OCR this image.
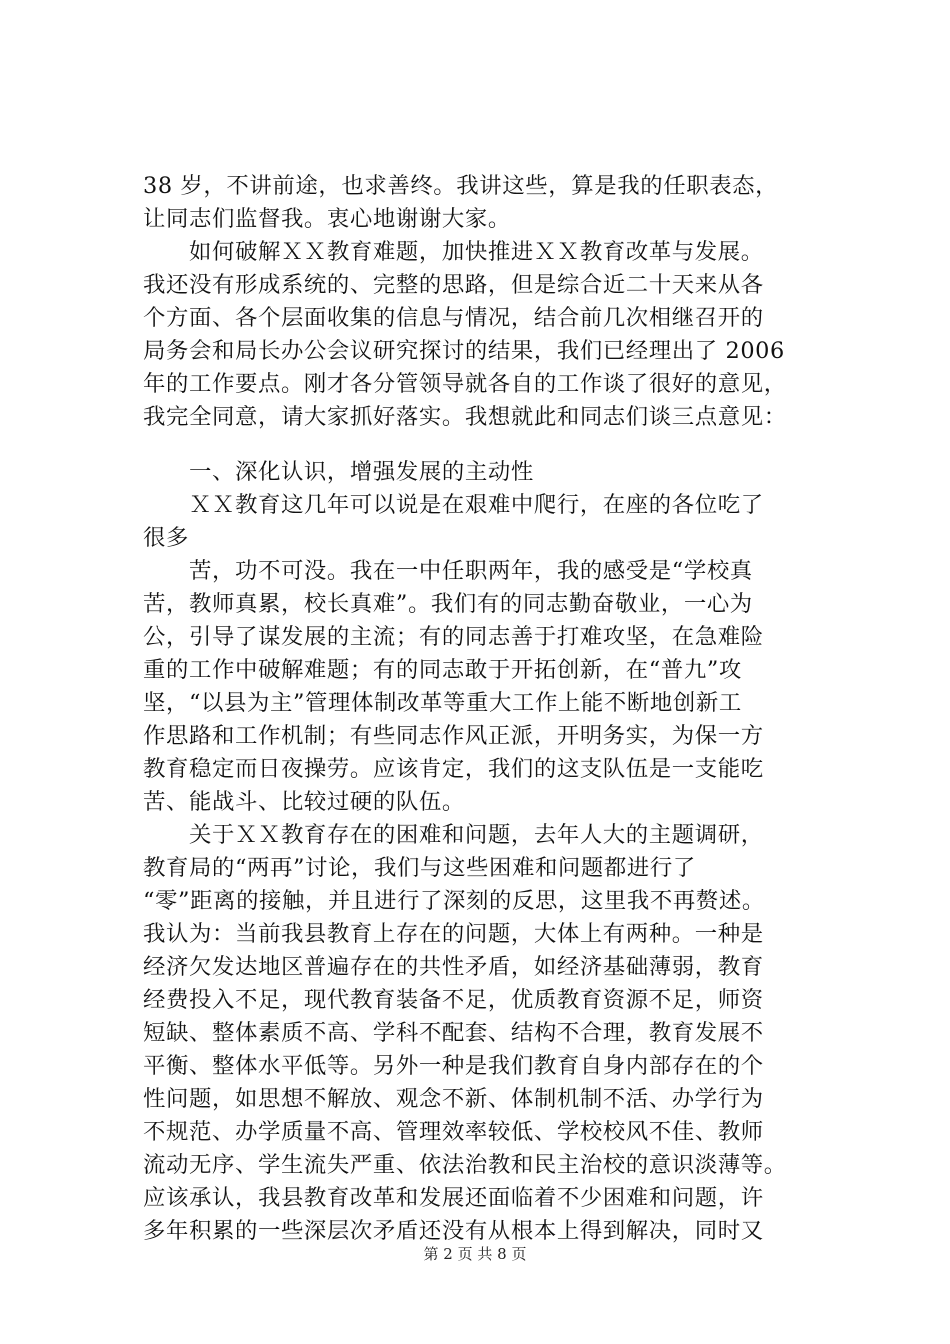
38 岁，不讲前途，也求善终。我讲这些，算是我的任职表态，
让同志们监督我。衷心地谢谢大家。
　　如何破解ＸＸ教育难题，加快推进ＸＸ教育改革与发展。
我还没有形成系统的、完整的思路，但是综合近二十天来从各
个方面、各个层面收集的信息与情况，结合前几次相继召开的
局务会和局长办公会议研究探讨的结果，我们已经理出了 2006
年的工作要点。刚才各分管领导就各自的工作谈了很好的意见，
我完全同意，请大家抓好落实。我想就此和同志们谈三点意见：
　　一、深化认识，增强发展的主动性
　　ＸＸ教育这几年可以说是在艰难中爬行，在座的各位吃了
很多
　　苦，功不可没。我在一中任职两年，我的感受是“学校真
苦，教师真累，校长真难”。我们有的同志勤奋敬业，一心为
公，引导了谋发展的主流；有的同志善于打难攻坚，在急难险
重的工作中破解难题；有的同志敢于开拓创新，在“普九”攻
坚，“以县为主”管理体制改革等重大工作上能不断地创新工
作思路和工作机制；有些同志作风正派，开明务实，为保一方
教育稳定而日夜操劳。应该肯定，我们的这支队伍是一支能吃
苦、能战斗、比较过硬的队伍。
　　关于ＸＸ教育存在的困难和问题，去年人大的主题调研，
教育局的“两再”讨论，我们与这些困难和问题都进行了
“零”距离的接触，并且进行了深刻的反思，这里我不再赘述。
我认为：当前我县教育上存在的问题，大体上有两种。一种是
经济欠发达地区普遍存在的共性矛盾，如经济基础薄弱，教育
经费投入不足，现代教育装备不足，优质教育资源不足，师资
短缺、整体素质不高、学科不配套、结构不合理，教育发展不
平衡、整体水平低等。另外一种是我们教育自身内部存在的个
性问题，如思想不解放、观念不新、体制机制不活、办学行为
不规范、办学质量不高、管理效率较低、学校校风不佳、教师
流动无序、学生流失严重、依法治教和民主治校的意识淡薄等。
应该承认，我县教育改革和发展还面临着不少困难和问题，许
多年积累的一些深层次矛盾还没有从根本上得到解决，同时又
第 2 页 共 8 页
